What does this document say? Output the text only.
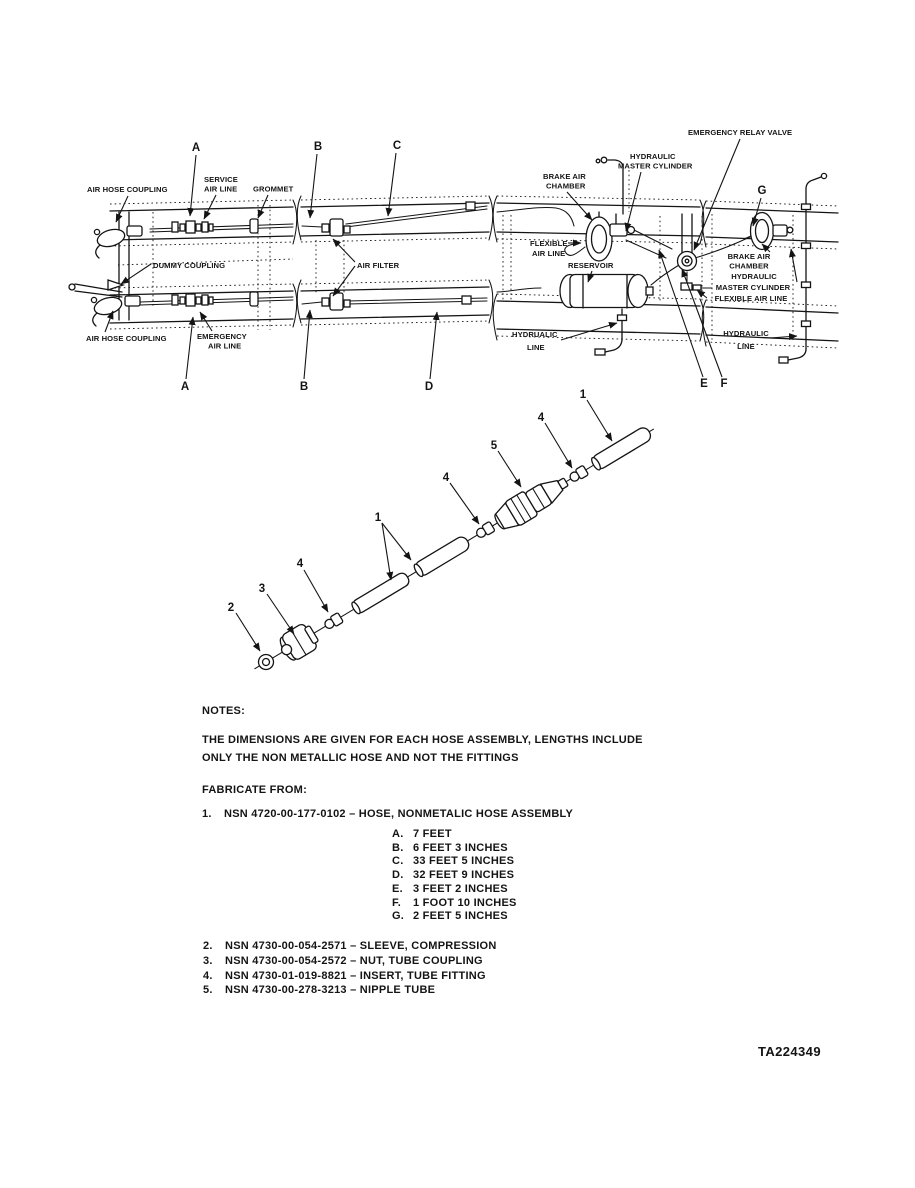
AIR HOSE COUPLING
A
SERVICE
AIR LINE GROMMET
DUMMY COUPLING
AIR HOSE COUPLING	EMERGENCY
AIR LINE
A
B	C
AIR FILTER
B	D
BRAKE AIR
CHAMBER
HYDRAULIC
MASTER CYLINDER
EMERGENCY RELAY VALVE
G
FLEXIBLE
AIR LINE
RESERVOIR
HYDRUALIC
LINE
BRAKE AIR
CHAMBER
HYDRAULIC
MASTER CYLINDER
FLEXIBLE AIR LINE
HYDRAULIC
LINE
E F
1
4
5
4
1
4
3
2
NOTES:
THE DIMENSIONS ARE GIVEN FOR EACH HOSE ASSEMBLY, LENGTHS INCLUDE
ONLY THE NON METALLIC HOSE AND NOT THE FITTINGS
FABRICATE FROM:
1.	NSN 4720-00-177-0102 – HOSE, NONMETALIC HOSE ASSEMBLY
A. 7 FEET
B. 6 FEET 3 INCHES
C. 33 FEET 5 INCHES
D. 32 FEET 9 INCHES
E. 3 FEET 2 INCHES
F.	1 FOOT 10 INCHES
G. 2 FEET 5 INCHES
2.	NSN 4730-00-054-2571 – SLEEVE, COMPRESSION
3.	NSN 4730-00-054-2572 – NUT, TUBE COUPLING
4.	NSN 4730-01-019-8821 – INSERT, TUBE FITTING
5.	NSN 4730-00-278-3213 – NIPPLE TUBE
TA224349
